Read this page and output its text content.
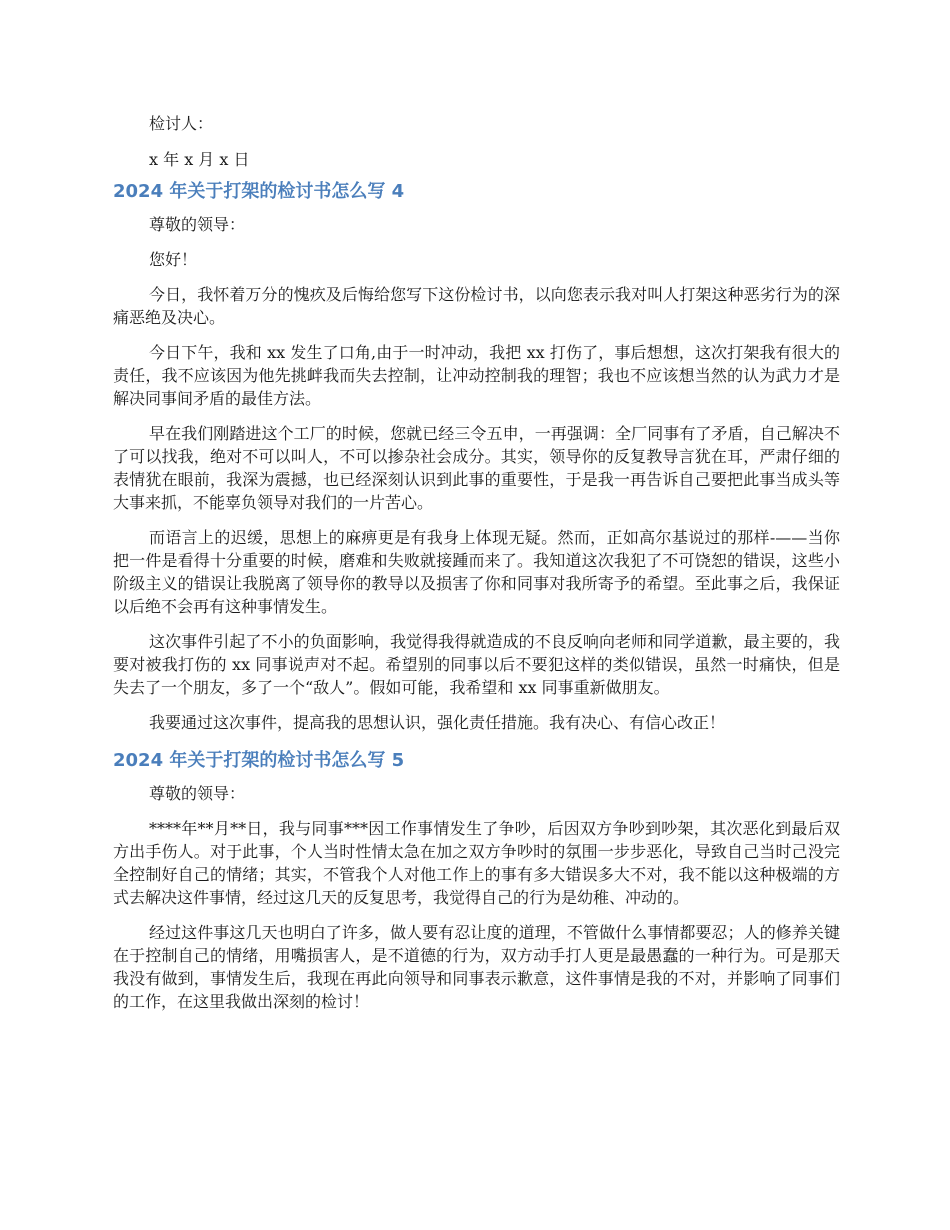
检讨人：

x 年 x 月 x 日

2024 年关于打架的检讨书怎么写 4

尊敬的领导：

您好！

今日，我怀着万分的愧疚及后悔给您写下这份检讨书，以向您表示我对叫人打架这种恶劣行为的深痛恶绝及决心。

今日下午，我和 xx 发生了口角,由于一时冲动，我把 xx 打伤了，事后想想，这次打架我有很大的责任，我不应该因为他先挑衅我而失去控制，让冲动控制我的理智；我也不应该想当然的认为武力才是解决同事间矛盾的最佳方法。

早在我们刚踏进这个工厂的时候，您就已经三令五申，一再强调：全厂同事有了矛盾，自己解决不了可以找我，绝对不可以叫人，不可以掺杂社会成分。其实，领导你的反复教导言犹在耳，严肃仔细的表情犹在眼前，我深为震撼，也已经深刻认识到此事的重要性，于是我一再告诉自己要把此事当成头等大事来抓，不能辜负领导对我们的一片苦心。

而语言上的迟缓，思想上的麻痹更是有我身上体现无疑。然而，正如高尔基说过的那样-——当你把一件是看得十分重要的时候，磨难和失败就接踵而来了。我知道这次我犯了不可饶恕的错误，这些小阶级主义的错误让我脱离了领导你的教导以及损害了你和同事对我所寄予的希望。至此事之后，我保证以后绝不会再有这种事情发生。

这次事件引起了不小的负面影响，我觉得我得就造成的不良反响向老师和同学道歉，最主要的，我要对被我打伤的 xx 同事说声对不起。希望别的同事以后不要犯这样的类似错误，虽然一时痛快，但是失去了一个朋友，多了一个“敌人”。假如可能，我希望和 xx 同事重新做朋友。

我要通过这次事件，提高我的思想认识，强化责任措施。我有决心、有信心改正！

2024 年关于打架的检讨书怎么写 5

尊敬的领导：

****年**月**日，我与同事***因工作事情发生了争吵，后因双方争吵到吵架，其次恶化到最后双方出手伤人。对于此事，个人当时性情太急在加之双方争吵时的氛围一步步恶化，导致自己当时己没完全控制好自己的情绪；其实，不管我个人对他工作上的事有多大错误多大不对，我不能以这种极端的方式去解决这件事情，经过这几天的反复思考，我觉得自己的行为是幼稚、冲动的。

经过这件事这几天也明白了许多，做人要有忍让度的道理，不管做什么事情都要忍；人的修养关键在于控制自己的情绪，用嘴损害人，是不道德的行为，双方动手打人更是最愚蠢的一种行为。可是那天我没有做到，事情发生后，我现在再此向领导和同事表示歉意，这件事情是我的不对，并影响了同事们的工作，在这里我做出深刻的检讨！
